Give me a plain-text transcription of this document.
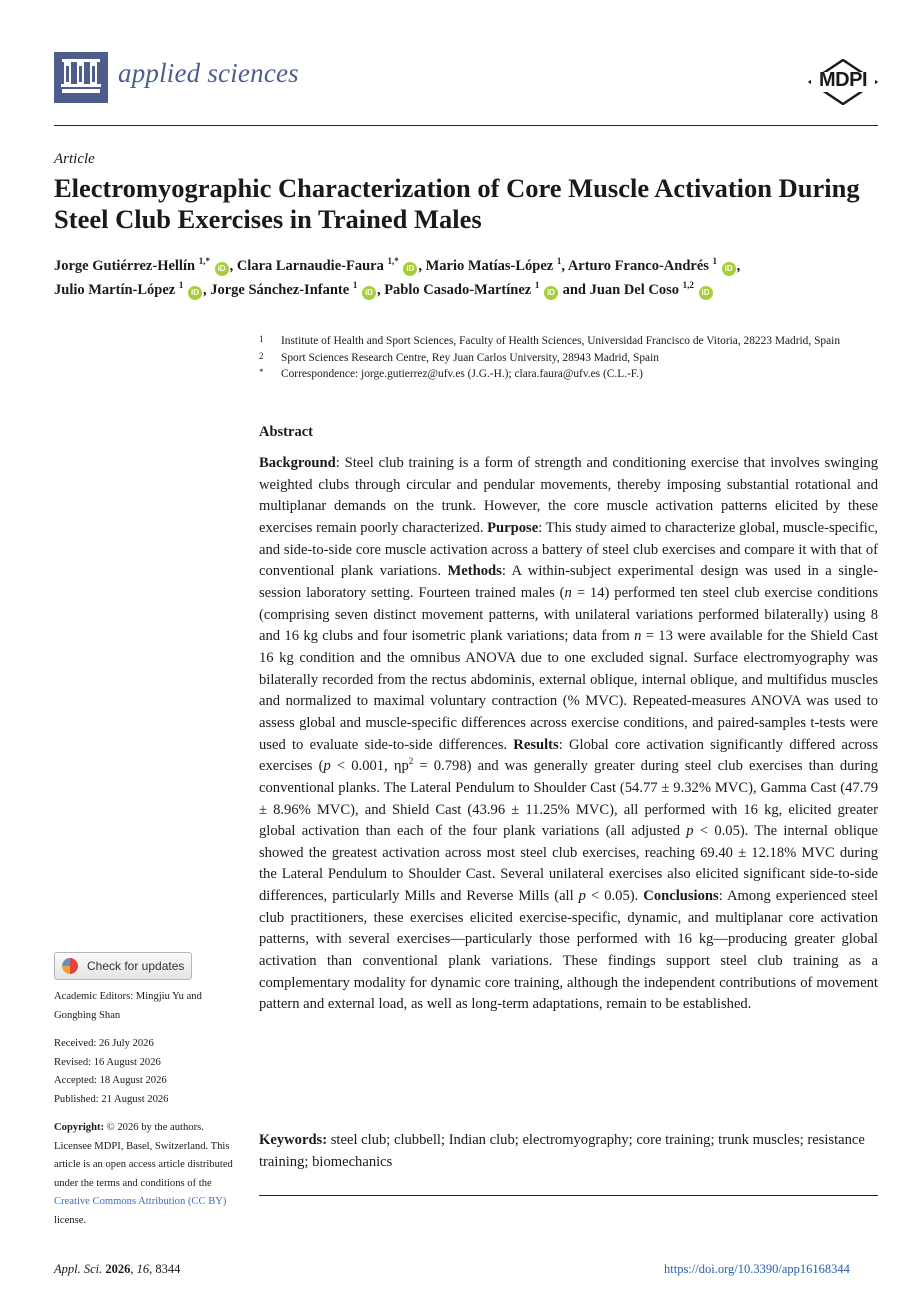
applied sciences	MDPI
Article
Electromyographic Characterization of Core Muscle Activation During Steel Club Exercises in Trained Males
Jorge Gutiérrez-Hellín $^{1,*}$ iD , Clara Larnaudie-Faura $^{1,*}$ iD , Mario Matías-López $^1$, Arturo Franco-Andrés $^1$ iD ,
Julio Martín-López $^1$ iD , Jorge Sánchez-Infante $^1$ iD , Pablo Casado-Martínez $^1$ iD and Juan Del Coso $^{1,2}$ iD
1 Institute of Health and Sport Sciences, Faculty of Health Sciences, Universidad Francisco de Vitoria, 28223 Madrid, Spain
2 Sport Sciences Research Centre, Rey Juan Carlos University, 28943 Madrid, Spain
* Correspondence: jorge.gutierrez@ufv.es (J.G.-H.); clara.faura@ufv.es (C.L.-F.)
Abstract
Background: Steel club training is a form of strength and conditioning exercise that involves swinging weighted clubs through circular and pendular movements, thereby imposing substantial rotational and multiplanar demands on the trunk. However, the core muscle activation patterns elicited by these exercises remain poorly characterized. Purpose: This study aimed to characterize global, muscle-specific, and side-to-side core muscle activation across a battery of steel club exercises and compare it with that of conventional plank variations. Methods: A within-subject experimental design was used in a single-session laboratory setting. Fourteen trained males (n = 14) performed ten steel club exercise conditions (comprising seven distinct movement patterns, with unilateral variations performed bilaterally) using 8 and 16 kg clubs and four isometric plank variations; data from n = 13 were available for the Shield Cast 16 kg condition and the omnibus ANOVA due to one excluded signal. Surface electromyography was bilaterally recorded from the rectus abdominis, external oblique, internal oblique, and multifidus muscles and normalized to maximal voluntary contraction (% MVC). Repeated-measures ANOVA was used to assess global and muscle-specific differences across exercise conditions, and paired-samples t-tests were used to evaluate side-to-side differences. Results: Global core activation significantly differed across exercises (p < 0.001, $\eta p^2 = 0.798$) and was generally greater during steel club exercises than during conventional planks. The Lateral Pendulum to Shoulder Cast (54.77 ± 9.32% MVC), Gamma Cast (47.79 ± 8.96% MVC), and Shield Cast (43.96 ± 11.25% MVC), all performed with 16 kg, elicited greater global activation than each of the four plank variations (all adjusted p < 0.05). The internal oblique showed the greatest activation across most steel club exercises, reaching 69.40 ± 12.18% MVC during the Lateral Pendulum to Shoulder Cast. Several unilateral exercises also elicited significant side-to-side differences, particularly Mills and Reverse Mills (all p < 0.05). Conclusions: Among experienced steel club practitioners, these exercises elicited exercise-specific, dynamic, and multiplanar core activation patterns, with several exercises—particularly those performed with 16 kg—producing greater global activation than conventional plank variations. These findings support steel club training as a complementary modality for dynamic core training, although the independent contributions of movement pattern and external load, as well as long-term adaptations, remain to be established.
Keywords: steel club; clubbell; Indian club; electromyography; core training; trunk muscles; resistance training; biomechanics
Check for updates
Academic Editors: Mingjiu Yu and Gongbing Shan
Received: 26 July 2026
Revised: 16 August 2026
Accepted: 18 August 2026
Published: 21 August 2026
Copyright: © 2026 by the authors. Licensee MDPI, Basel, Switzerland. This article is an open access article distributed under the terms and conditions of the Creative Commons Attribution (CC BY) license.
Appl. Sci. 2026, 16, 8344	https://doi.org/10.3390/app16168344
